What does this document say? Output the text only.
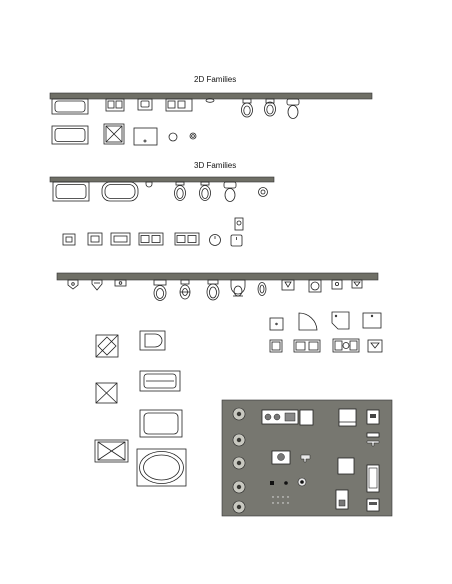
2D Families
3D Families
